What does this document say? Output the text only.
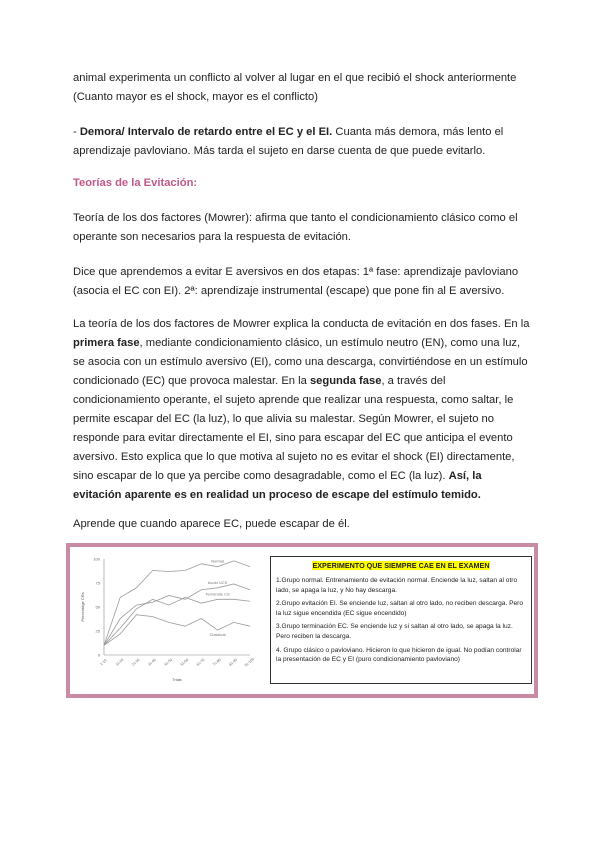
animal experimenta un conflicto al volver al lugar en el que recibió el shock anteriormente (Cuanto mayor es el shock, mayor es el conflicto)

- Demora/ Intervalo de retardo entre el EC y el EI. Cuanta más demora, más lento el aprendizaje pavloviano. Más tarda el sujeto en darse cuenta de que puede evitarlo.

Teorías de la Evitación:

Teoría de los dos factores (Mowrer): afirma que tanto el condicionamiento clásico como el operante son necesarios para la respuesta de evitación.

Dice que aprendemos a evitar E aversivos en dos etapas: 1ª fase: aprendizaje pavloviano (asocia el EC con EI). 2ª: aprendizaje instrumental (escape) que pone fin al E aversivo.

La teoría de los dos factores de Mowrer explica la conducta de evitación en dos fases. En la primera fase, mediante condicionamiento clásico, un estímulo neutro (EN), como una luz, se asocia con un estímulo aversivo (EI), como una descarga, convirtiéndose en un estímulo condicionado (EC) que provoca malestar. En la segunda fase, a través del condicionamiento operante, el sujeto aprende que realizar una respuesta, como saltar, le permite escapar del EC (la luz), lo que alivia su malestar. Según Mowrer, el sujeto no responde para evitar directamente el EI, sino para escapar del EC que anticipa el evento aversivo. Esto explica que lo que motiva al sujeto no es evitar el shock (EI) directamente, sino escapar de lo que ya percibe como desagradable, como el EC (la luz). Así, la evitación aparente es en realidad un proceso de escape del estímulo temido.

Aprende que cuando aparece EC, puede escapar de él.

0
25
50
75
100
1-10 11-20 21-30 31-40 41-50 51-60 61-70 71-80 81-90 91-100
Trials
Percentage CRs
Normal
Avoid UCS
Terminate CS
Classical
EXPERIMENTO QUE SIEMPRE CAE EN EL EXAMEN
1.Grupo normal. Entrenamiento de evitación normal. Enciende la luz, saltan al otro lado, se apaga la luz, y No hay descarga.
2.Grupo evitación EI. Se enciende luz, saltan al otro lado, no reciben descarga. Pero la luz sigue encendida (EC sigue encendido)
3.Grupo terminación EC. Se enciende luz y si saltan al otro lado, se apaga la luz. Pero reciben la descarga.
4. Grupo clásico o pavloviano. Hicieron lo que hicieron de igual. No podían controlar la presentación de EC y EI (puro condicionamiento pavloviano)
